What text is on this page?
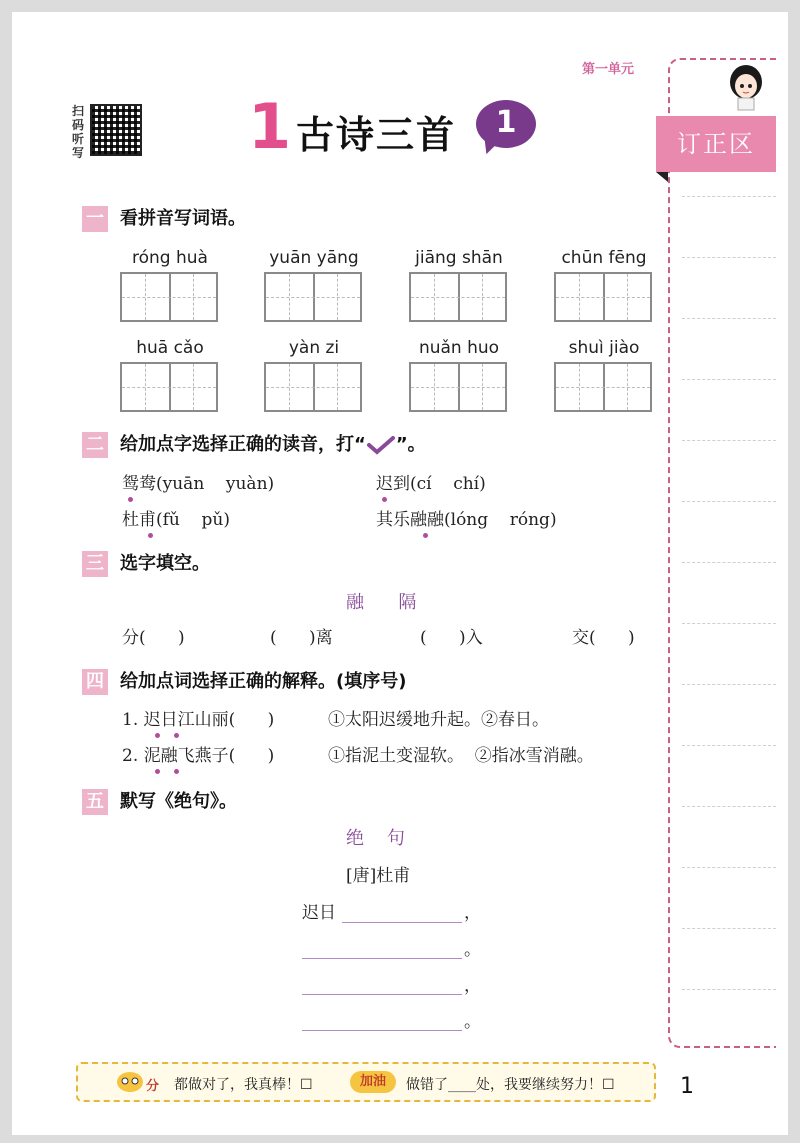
第一单元
扫码听写	1 古诗三首	1
订正区
一 看拼音写词语。
róng huà	yuān yāng	jiāng shān	chūn fēng
huā cǎo	yàn zi	nuǎn huo	shuì jiào
二 给加点字选择正确的读音，打“ ”。
鸳鸯(yuān    yuàn)	迟到(cí    chí)
杜甫(fǔ    pǔ)	其乐融融(lóng    róng)
三 选字填空。
融      隔
分(      )	(      )离	(      )入	交(      )
四 给加点词选择正确的解释。(填序号)
1. 迟日江山丽(      )	①太阳迟缓地升起。②春日。
2. 泥融飞燕子(      )	①指泥土变湿软。  ②指冰雪消融。
五 默写《绝句》。
绝    句
[唐]杜甫
迟日	，
。
，
。
分 都做对了，我真棒！☐	加油	做错了____处，我要继续努力！☐	1
